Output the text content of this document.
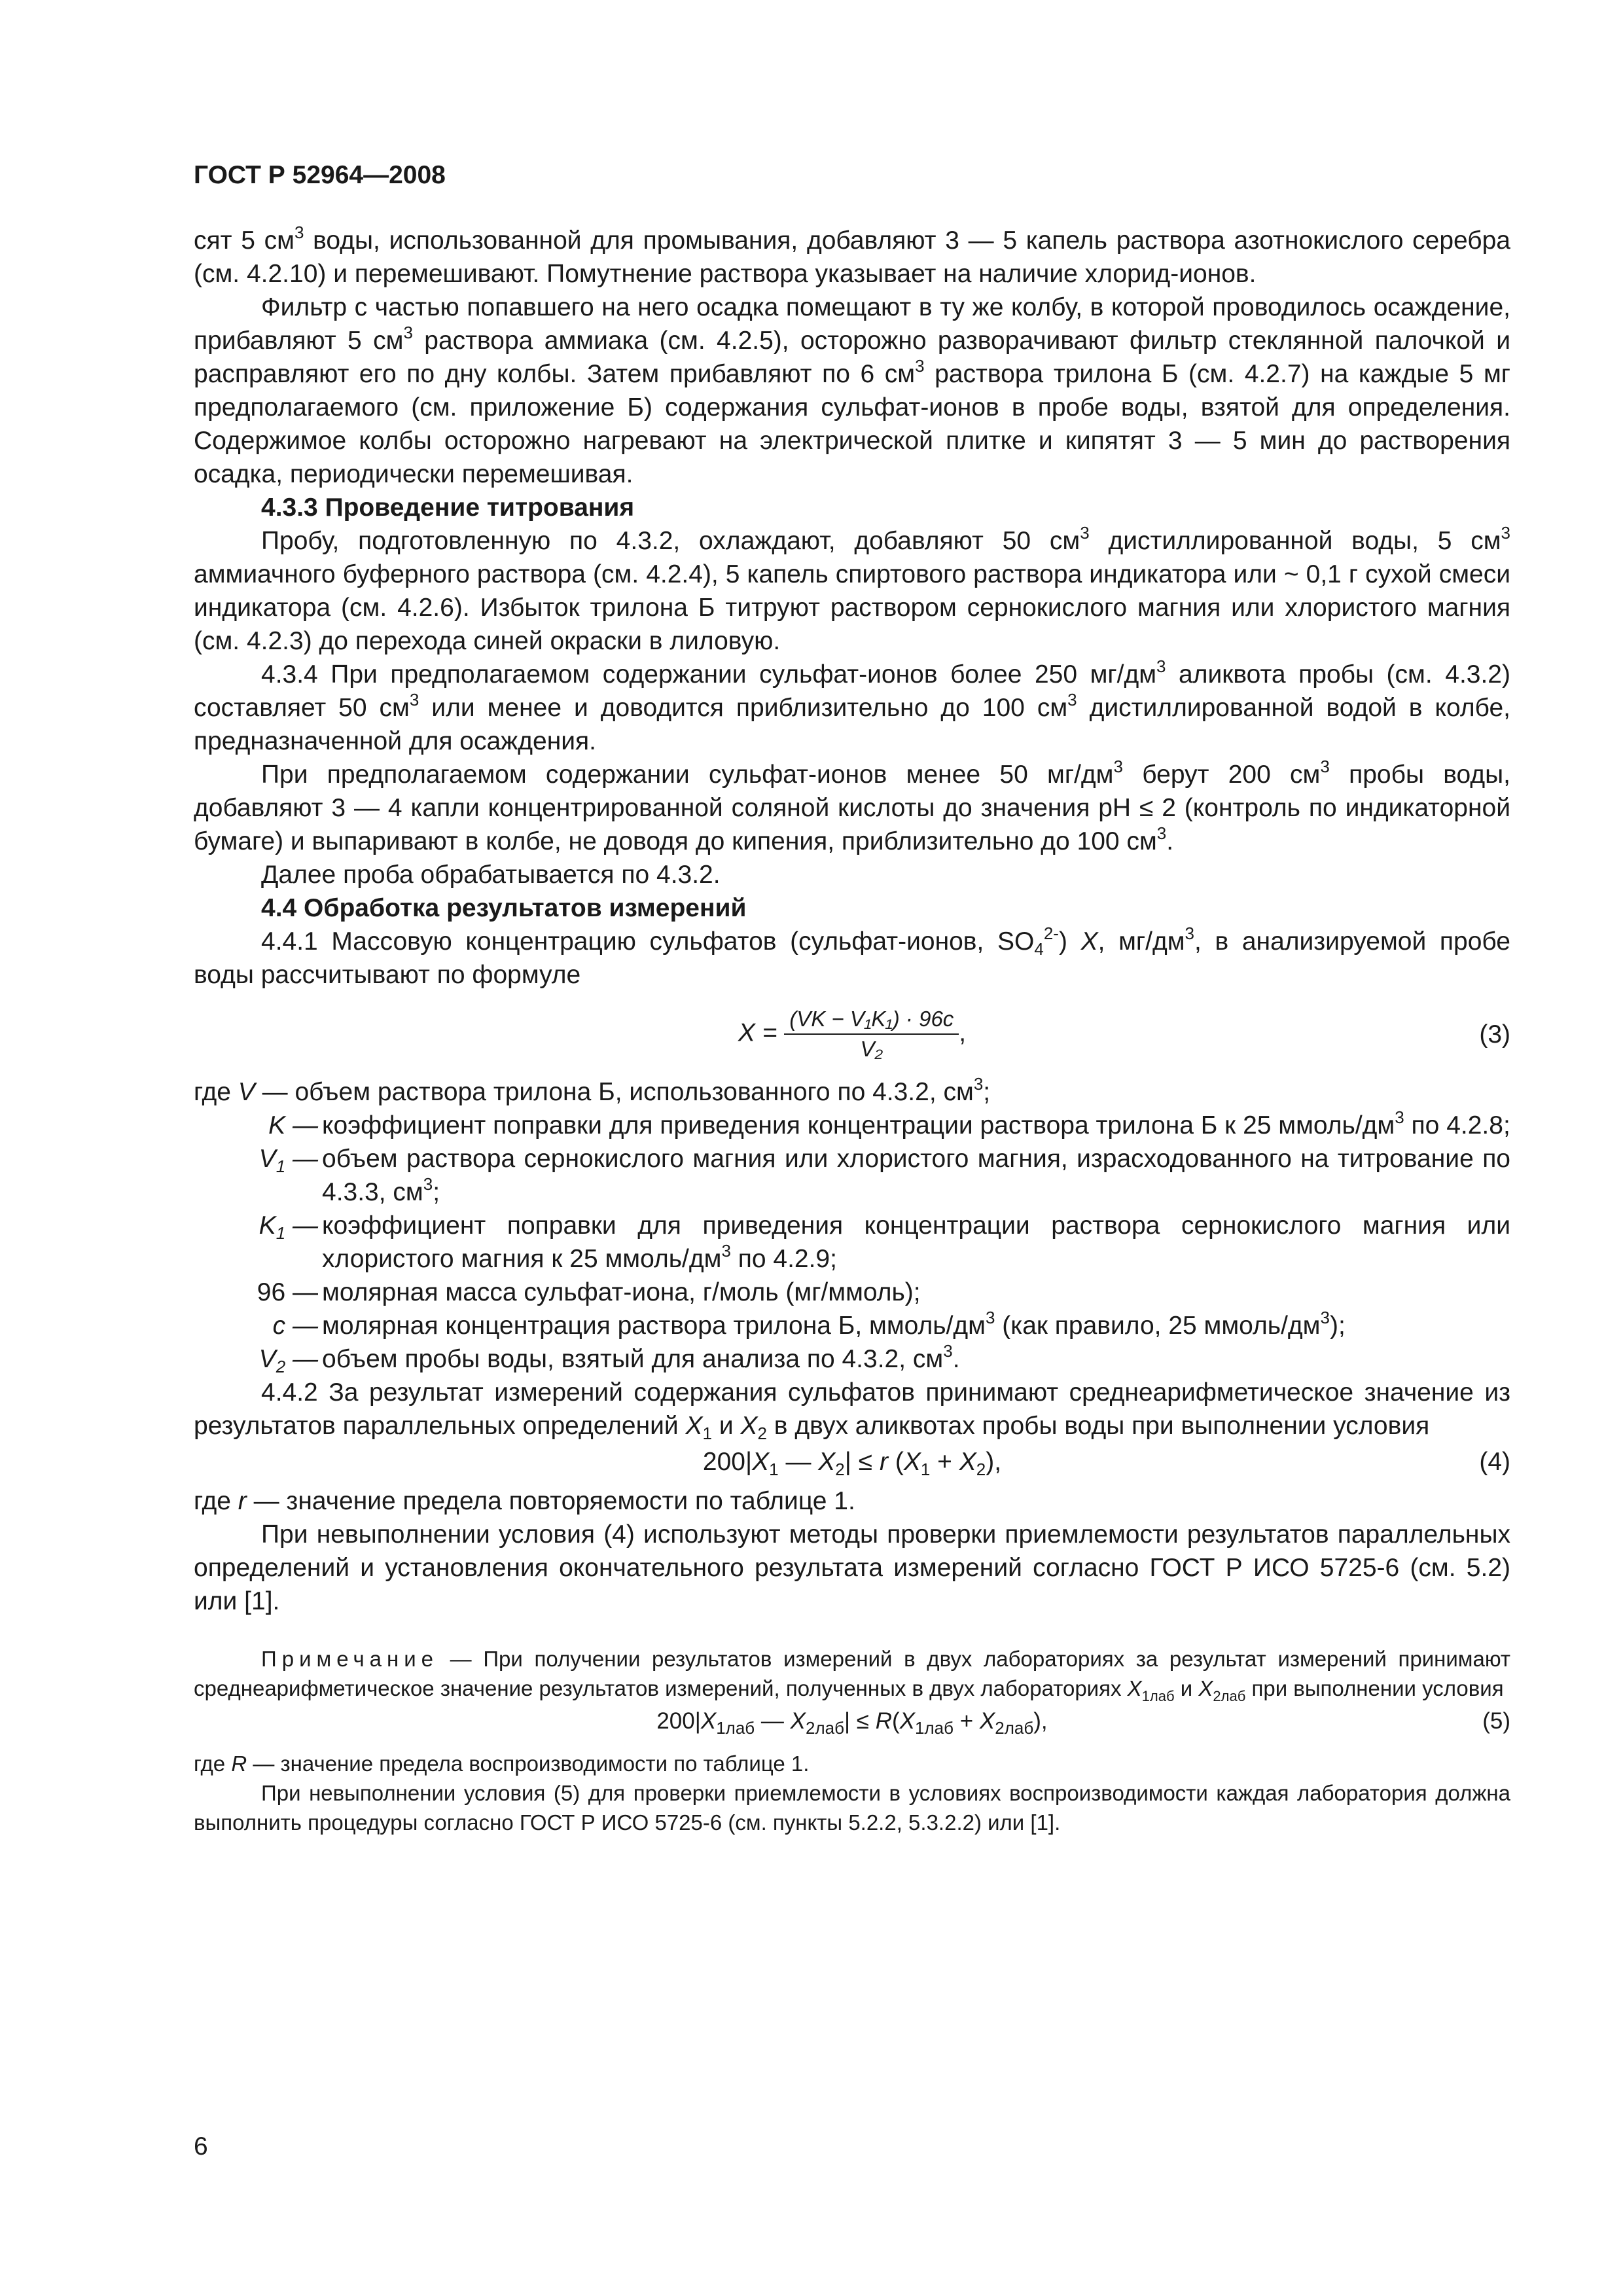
ГОСТ Р 52964—2008

сят 5 $см^3$ воды, использованной для промывания, добавляют 3 — 5 капель раствора азотнокислого серебра (см. 4.2.10) и перемешивают. Помутнение раствора указывает на наличие хлорид-ионов.

Фильтр с частью попавшего на него осадка помещают в ту же колбу, в которой проводилось осаждение, прибавляют 5 $см^3$ раствора аммиака (см. 4.2.5), осторожно разворачивают фильтр стеклянной палочкой и расправляют его по дну колбы. Затем прибавляют по 6 $см^3$ раствора трилона Б (см. 4.2.7) на каждые 5 мг предполагаемого (см. приложение Б) содержания сульфат-ионов в пробе воды, взятой для определения. Содержимое колбы осторожно нагревают на электрической плитке и кипятят 3 — 5 мин до растворения осадка, периодически перемешивая.

4.3.3 Проведение титрования

Пробу, подготовленную по 4.3.2, охлаждают, добавляют 50 $см^3$ дистиллированной воды, 5 $см^3$ аммиачного буферного раствора (см. 4.2.4), 5 капель спиртового раствора индикатора или ~ 0,1 г сухой смеси индикатора (см. 4.2.6). Избыток трилона Б титруют раствором сернокислого магния или хлористого магния (см. 4.2.3) до перехода синей окраски в лиловую.

4.3.4 При предполагаемом содержании сульфат-ионов более 250 $мг/дм^3$ аликвота пробы (см. 4.3.2) составляет 50 $см^3$ или менее и доводится приблизительно до 100 $см^3$ дистиллированной водой в колбе, предназначенной для осаждения.

При предполагаемом содержании сульфат-ионов менее 50 $мг/дм^3$ берут 200 $см^3$ пробы воды, добавляют 3 — 4 капли концентрированной соляной кислоты до значения pH ≤ 2 (контроль по индикаторной бумаге) и выпаривают в колбе, не доводя до кипения, приблизительно до 100 $см^3$.

Далее проба обрабатывается по 4.3.2.

4.4 Обработка результатов измерений

4.4.1 Массовую концентрацию сульфатов (сульфат-ионов, $SO_4^{2-}$) X, $мг/дм^3$, в анализируемой пробе воды рассчитывают по формуле

$X = \frac{\text{(VK − V₁K₁) · 96c}}{\text{V₂}}$ ,	(3)

где V — объем раствора трилона Б, использованного по 4.3.2, $см^3$;

K — коэффициент поправки для приведения концентрации раствора трилона Б к 25 ммоль/$дм^3$ по 4.2.8;
$V_1$ — объем раствора сернокислого магния или хлористого магния, израсходованного на титрование по 4.3.3, $см^3$;
$K_1$ — коэффициент поправки для приведения концентрации раствора сернокислого магния или хлористого магния к 25 ммоль/$дм^3$ по 4.2.9;
96 — молярная масса сульфат-иона, г/моль (мг/ммоль);
c — молярная концентрация раствора трилона Б, ммоль/$дм^3$ (как правило, 25 ммоль/$дм^3$);
$V_2$ — объем пробы воды, взятый для анализа по 4.3.2, $см^3$.

4.4.2 За результат измерений содержания сульфатов принимают среднеарифметическое значение из результатов параллельных определений $X_1$ и $X_2$ в двух аликвотах пробы воды при выполнении условия

$200|X_1$ — $X_2| \le r$ $(X_1 + X_2)$,	(4)

где r — значение предела повторяемости по таблице 1.

При невыполнении условия (4) используют методы проверки приемлемости результатов параллельных определений и установления окончательного результата измерений согласно ГОСТ Р ИСО 5725-6 (см. 5.2) или [1].

Примечание — При получении результатов измерений в двух лабораториях за результат измерений принимают среднеарифметическое значение результатов измерений, полученных в двух лабораториях $X_{1лаб}$ и $X_{2лаб}$ при выполнении условия

$200|X_{1лаб}$ — $X_{2лаб}| \le R(X_{1лаб} + X_{2лаб})$,	(5)

где R — значение предела воспроизводимости по таблице 1.

При невыполнении условия (5) для проверки приемлемости в условиях воспроизводимости каждая лаборатория должна выполнить процедуры согласно ГОСТ Р ИСО 5725-6 (см. пункты 5.2.2, 5.3.2.2) или [1].

6
